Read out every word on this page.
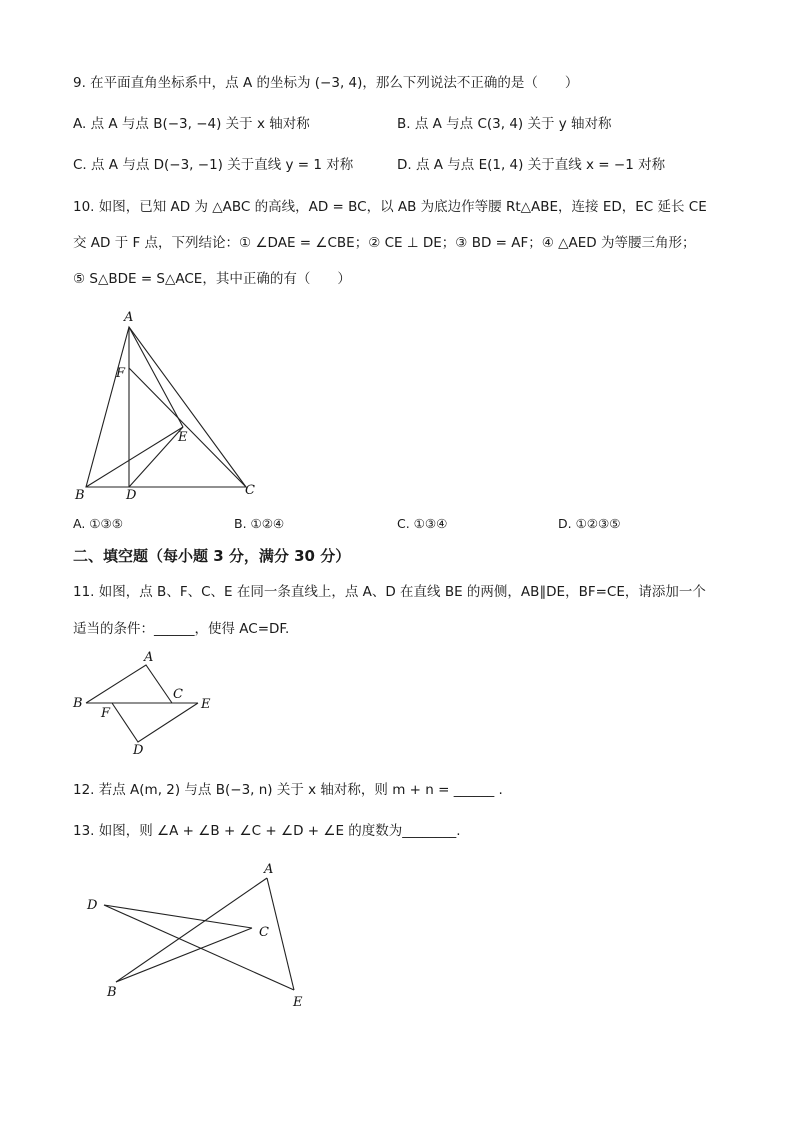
9. 在平面直角坐标系中，点 A 的坐标为 (−3, 4)，那么下列说法不正确的是（　　）
A. 点 A 与点 B(−3, −4) 关于 x 轴对称	B. 点 A 与点 C(3, 4) 关于 y 轴对称
C. 点 A 与点 D(−3, −1) 关于直线 y = 1 对称	D. 点 A 与点 E(1, 4) 关于直线 x = −1 对称
10. 如图，已知 AD 为 △ABC 的高线，AD = BC，以 AB 为底边作等腰 Rt△ABE，连接 ED，EC 延长 CE
交 AD 于 F 点，下列结论：① ∠DAE = ∠CBE；② CE ⊥ DE；③ BD = AF；④ △AED 为等腰三角形；
⑤ S△BDE = S△ACE，其中正确的有（　　）
A
B	D	C
E
F
A. ①③⑤	B. ①②④	C. ①③④	D. ①②③⑤
二、填空题（每小题 3 分，满分 30 分）
11. 如图，点 B、F、C、E 在同一条直线上，点 A、D 在直线 BE 的两侧，AB∥DE，BF=CE，请添加一个
适当的条件：______，使得 AC=DF.
A
B
C
E
F
D
12. 若点 A(m, 2) 与点 B(−3, n) 关于 x 轴对称，则 m + n = ______ .
13. 如图，则 ∠A + ∠B + ∠C + ∠D + ∠E 的度数为________.
A
D
C
B
E
